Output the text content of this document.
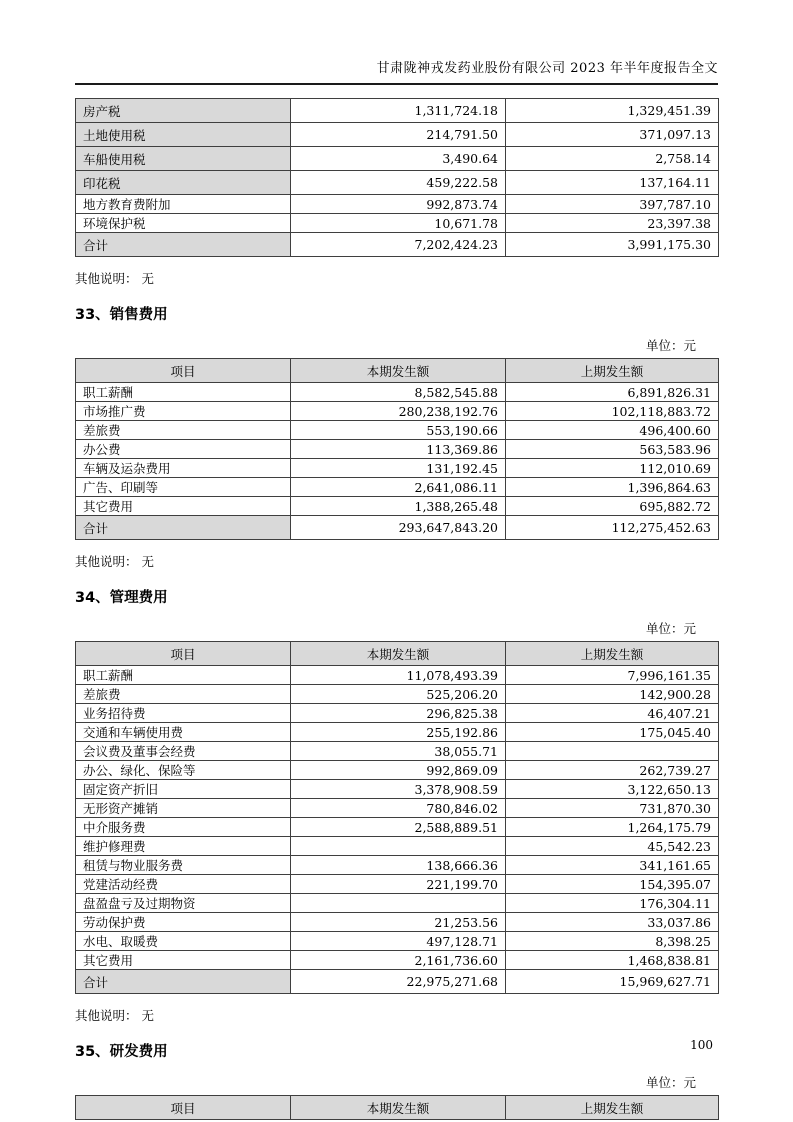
甘肃陇神戎发药业股份有限公司 2023 年半年度报告全文
房产税	1,311,724.18	1,329,451.39
土地使用税	214,791.50	371,097.13
车船使用税	3,490.64	2,758.14
印花税	459,222.58	137,164.11
地方教育费附加	992,873.74	397,787.10
环境保护税	10,671.78	23,397.38
合计	7,202,424.23	3,991,175.30
其他说明： 无
33、销售费用
单位：元
项目	本期发生额	上期发生额
职工薪酬	8,582,545.88	6,891,826.31
市场推广费	280,238,192.76	102,118,883.72
差旅费	553,190.66	496,400.60
办公费	113,369.86	563,583.96
车辆及运杂费用	131,192.45	112,010.69
广告、印刷等	2,641,086.11	1,396,864.63
其它费用	1,388,265.48	695,882.72
合计	293,647,843.20	112,275,452.63
其他说明： 无
34、管理费用
单位：元
项目	本期发生额	上期发生额
职工薪酬	11,078,493.39	7,996,161.35
差旅费	525,206.20	142,900.28
业务招待费	296,825.38	46,407.21
交通和车辆使用费	255,192.86	175,045.40
会议费及董事会经费	38,055.71	
办公、绿化、保险等	992,869.09	262,739.27
固定资产折旧	3,378,908.59	3,122,650.13
无形资产摊销	780,846.02	731,870.30
中介服务费	2,588,889.51	1,264,175.79
维护修理费		45,542.23
租赁与物业服务费	138,666.36	341,161.65
党建活动经费	221,199.70	154,395.07
盘盈盘亏及过期物资		176,304.11
劳动保护费	21,253.56	33,037.86
水电、取暖费	497,128.71	8,398.25
其它费用	2,161,736.60	1,468,838.81
合计	22,975,271.68	15,969,627.71
其他说明： 无
35、研发费用
单位：元
项目	本期发生额	上期发生额
100
